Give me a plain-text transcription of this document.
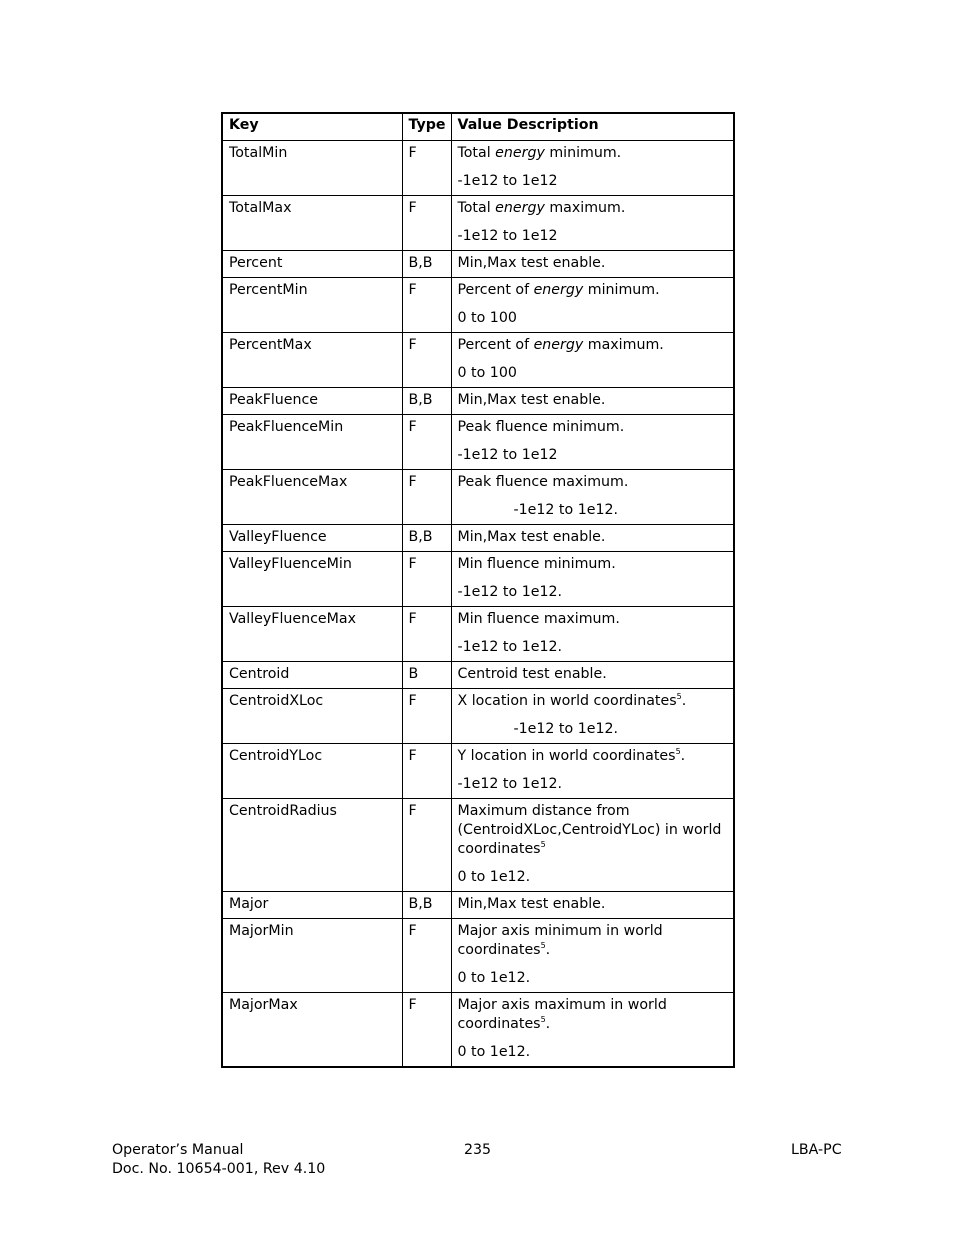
Key	Type	Value Description
TotalMin	F	Total energy minimum.
-1e12 to 1e12

TotalMax	F	Total energy maximum.
-1e12 to 1e12

Percent	B,B	Min,Max test enable.

PercentMin	F	Percent of energy minimum.
0 to 100

PercentMax	F	Percent of energy maximum.
0 to 100

PeakFluence	B,B	Min,Max test enable.

PeakFluenceMin	F	Peak fluence minimum.
-1e12 to 1e12

PeakFluenceMax	F	Peak fluence maximum.
-1e12 to 1e12.

ValleyFluence	B,B	Min,Max test enable.

ValleyFluenceMin	F	Min fluence minimum.
-1e12 to 1e12.

ValleyFluenceMax	F	Min fluence maximum.
-1e12 to 1e12.

Centroid	B	Centroid test enable.

CentroidXLoc	F	X location in world coordinates$^5$.
-1e12 to 1e12.

CentroidYLoc	F	Y location in world coordinates$^5$.
-1e12 to 1e12.

CentroidRadius	F	Maximum distance from (CentroidXLoc,CentroidYLoc) in world coordinates$^5$
0 to 1e12.

Major	B,B	Min,Max test enable.

MajorMin	F	Major axis minimum in world coordinates$^5$.
0 to 1e12.

MajorMax	F	Major axis maximum in world coordinates$^5$.
0 to 1e12.
Operator’s Manual
Doc. No. 10654-001, Rev 4.10
235	LBA-PC
